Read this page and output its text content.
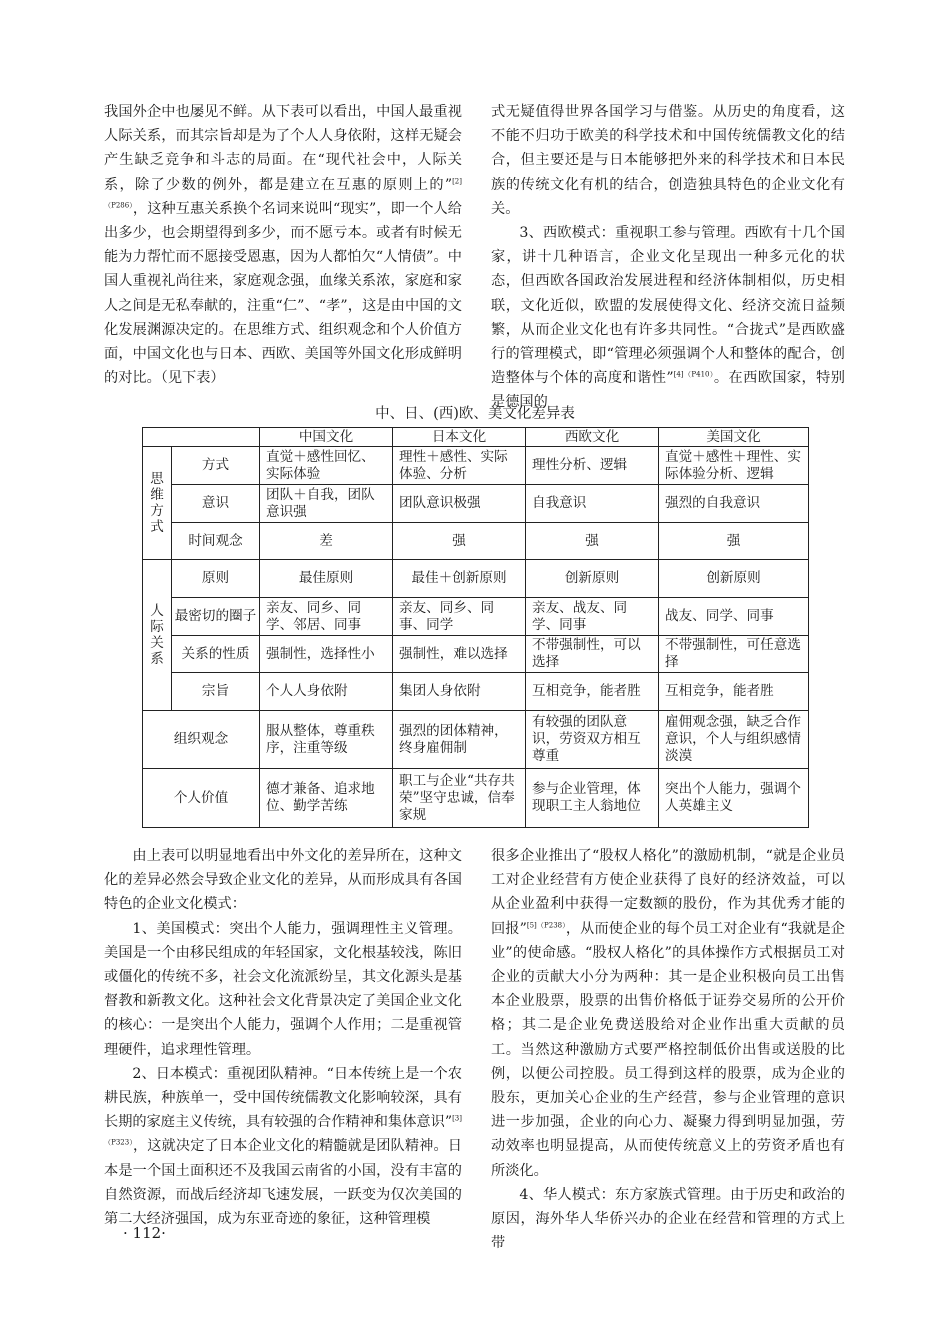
我国外企中也屡见不鲜。从下表可以看出，中国人最重视人际关系，而其宗旨却是为了个人人身依附，这样无疑会产生缺乏竞争和斗志的局面。在“现代社会中，人际关系，除了少数的例外，都是建立在互惠的原则上的”$^{[2](P286)}$，这种互惠关系换个名词来说叫“现实”，即一个人给出多少，也会期望得到多少，而不愿亏本。或者有时候无能为力帮忙而不愿接受恩惠，因为人都怕欠“人情债”。中国人重视礼尚往来，家庭观念强，血缘关系浓，家庭和家人之间是无私奉献的，注重“仁”、“孝”，这是由中国的文化发展渊源决定的。在思维方式、组织观念和个人价值方面，中国文化也与日本、西欧、美国等外国文化形成鲜明的对比。（见下表）

式无疑值得世界各国学习与借鉴。从历史的角度看，这不能不归功于欧美的科学技术和中国传统儒教文化的结合，但主要还是与日本能够把外来的科学技术和日本民族的传统文化有机的结合，创造独具特色的企业文化有关。

3、西欧模式：重视职工参与管理。西欧有十几个国家，讲十几种语言，企业文化呈现出一种多元化的状态，但西欧各国政治发展进程和经济体制相似，历史相联，文化近似，欧盟的发展使得文化、经济交流日益频繁，从而企业文化也有许多共同性。“合拢式”是西欧盛行的管理模式，即“管理必须强调个人和整体的配合，创造整体与个体的高度和谐性”$^{[4](P410)}$。在西欧国家，特别是德国的

中、日、(西)欧、美文化差异表
		中国文化	日本文化	西欧文化	美国文化
思维方式	方式	直觉＋感性回忆、实际体验	理性＋感性、实际体验、分析	理性分析、逻辑	直觉＋感性＋理性、实际体验分析、逻辑
	意识	团队＋自我，团队意识强	团队意识极强	自我意识	强烈的自我意识
	时间观念	差	强	强	强
人际关系	原则	最佳原则	最佳＋创新原则	创新原则	创新原则
	最密切的圈子	亲友、同乡、同学、邻居、同事	亲友、同乡、同事、同学	亲友、战友、同学、同事	战友、同学、同事
	关系的性质	强制性，选择性小	强制性，难以选择	不带强制性，可以选择	不带强制性，可任意选择
	宗旨	个人人身依附	集团人身依附	互相竞争，能者胜	互相竞争，能者胜
组织观念		服从整体，尊重秩序，注重等级	强烈的团体精神，终身雇佣制	有较强的团队意识，劳资双方相互尊重	雇佣观念强，缺乏合作意识，个人与组织感情淡漠
个人价值		德才兼备、追求地位、勤学苦练	职工与企业“共存共荣”坚守忠诚，信奉家规	参与企业管理，体现职工主人翁地位	突出个人能力，强调个人英雄主义

由上表可以明显地看出中外文化的差异所在，这种文化的差异必然会导致企业文化的差异，从而形成具有各国特色的企业文化模式：

1、美国模式：突出个人能力，强调理性主义管理。美国是一个由移民组成的年轻国家，文化根基较浅，陈旧或僵化的传统不多，社会文化流派纷呈，其文化源头是基督教和新教文化。这种社会文化背景决定了美国企业文化的核心：一是突出个人能力，强调个人作用；二是重视管理硬件，追求理性管理。

2、日本模式：重视团队精神。“日本传统上是一个农耕民族，种族单一，受中国传统儒教文化影响较深，具有长期的家庭主义传统，具有较强的合作精神和集体意识”$^{[3](P323)}$，这就决定了日本企业文化的精髓就是团队精神。日本是一个国土面积还不及我国云南省的小国，没有丰富的自然资源，而战后经济却飞速发展，一跃变为仅次美国的第二大经济强国，成为东亚奇迹的象征，这种管理模

很多企业推出了“股权人格化”的激励机制，“就是企业员工对企业经营有方使企业获得了良好的经济效益，可以从企业盈利中获得一定数额的股份，作为其优秀才能的回报”$^{[5](P238)}$，从而使企业的每个员工对企业有“我就是企业”的使命感。“股权人格化”的具体操作方式根据员工对企业的贡献大小分为两种：其一是企业积极向员工出售本企业股票，股票的出售价格低于证券交易所的公开价格；其二是企业免费送股给对企业作出重大贡献的员工。当然这种激励方式要严格控制低价出售或送股的比例，以便公司控股。员工得到这样的股票，成为企业的股东，更加关心企业的生产经营，参与企业管理的意识进一步加强，企业的向心力、凝聚力得到明显加强，劳动效率也明显提高，从而使传统意义上的劳资矛盾也有所淡化。

4、华人模式：东方家族式管理。由于历史和政治的原因，海外华人华侨兴办的企业在经营和管理的方式上带

· 112·
